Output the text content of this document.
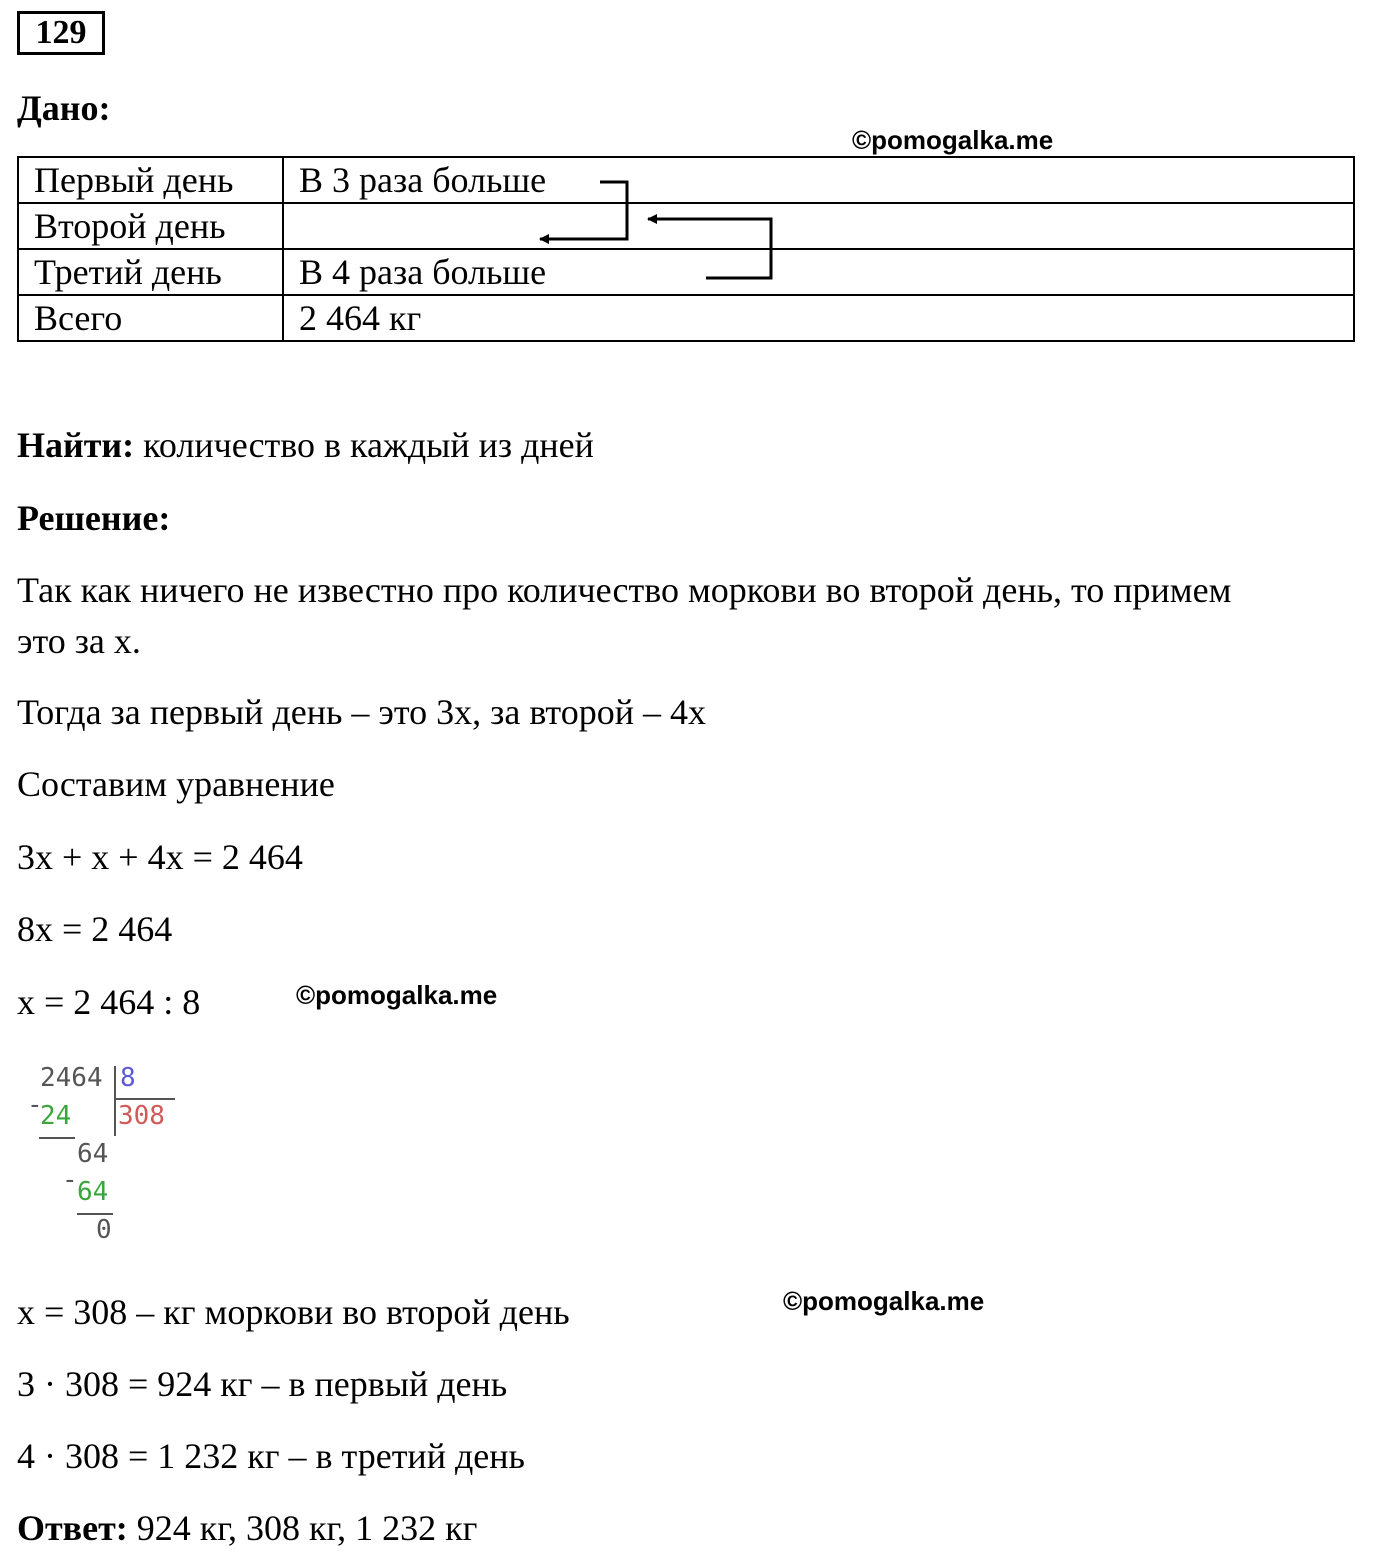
129
Дано:
©pomogalka.me
Первый день	В 3 раза больше
Второй день	
Третий день	В 4 раза больше
Всего	2 464 кг
Найти: количество в каждый из дней
Решение:
Так как ничего не известно про количество моркови во второй день, то примем
это за x.
Тогда за первый день – это 3x, за второй – 4x
Составим уравнение
3x + x + 4x = 2 464
8x = 2 464
x = 2 464 : 8	©pomogalka.me
2464 8
308
-
24
64
- 64
0
x = 308 – кг моркови во второй день	©pomogalka.me
3 · 308 = 924 кг – в первый день
4 · 308 = 1 232 кг – в третий день
Ответ: 924 кг, 308 кг, 1 232 кг
